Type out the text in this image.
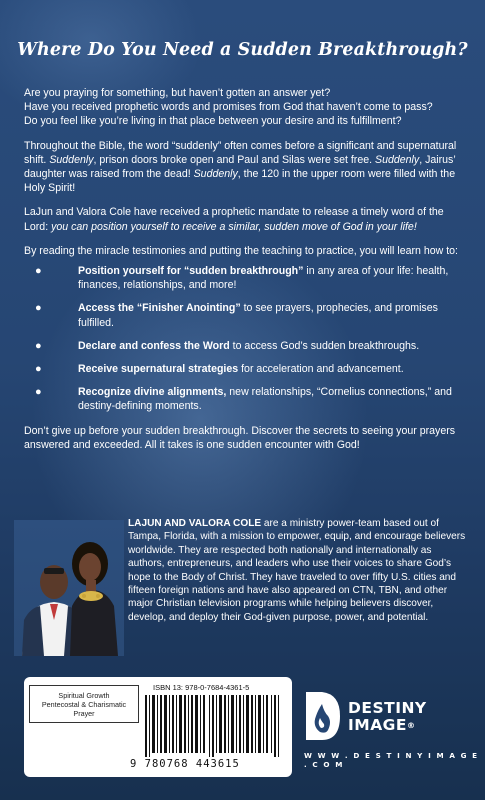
Where Do You Need a Sudden Breakthrough?

Are you praying for something, but haven’t gotten an answer yet?

Have you received prophetic words and promises from God that haven’t come to pass?

Do you feel like you’re living in that place between your desire and its fulfillment?

Throughout the Bible, the word “suddenly” often comes before a significant and supernatural shift. Suddenly, prison doors broke open and Paul and Silas were set free. Suddenly, Jairus’ daughter was raised from the dead! Suddenly, the 120 in the upper room were filled with the Holy Spirit!

LaJun and Valora Cole have received a prophetic mandate to release a timely word of the Lord: you can position yourself to receive a similar, sudden move of God in your life!

By reading the miracle testimonies and putting the teaching to practice, you will learn how to:

●	Position yourself for “sudden breakthrough” in any area of your life: health, finances, relationships, and more!
●	Access the “Finisher Anointing” to see prayers, prophecies, and promises fulfilled.
●	Declare and confess the Word to access God’s sudden breakthroughs.
●	Receive supernatural strategies for acceleration and advancement.
●	Recognize divine alignments, new relationships, “Cornelius connections,” and destiny-defining moments.

Don’t give up before your sudden breakthrough. Discover the secrets to seeing your prayers answered and exceeded. All it takes is one sudden encounter with God!

LAJUN AND VALORA COLE are a ministry power-team based out of Tampa, Florida, with a mission to empower, equip, and encourage believers worldwide. They are respected both nationally and internationally as authors, entrepreneurs, and leaders who use their voices to share God’s hope to the Body of Christ. They have traveled to over fifty U.S. cities and fifteen foreign nations and have also appeared on CTN, TBN, and other major Christian television programs while helping believers discover, develop, and deploy their God-given purpose, power, and potential.
Spiritual Growth
Pentecostal & Charismatic
Prayer
ISBN 13: 978-0-7684-4361-5
9 780768 443615
DESTINY
IMAGE®
W W W . D E S T I N Y I M A G E . C O M
